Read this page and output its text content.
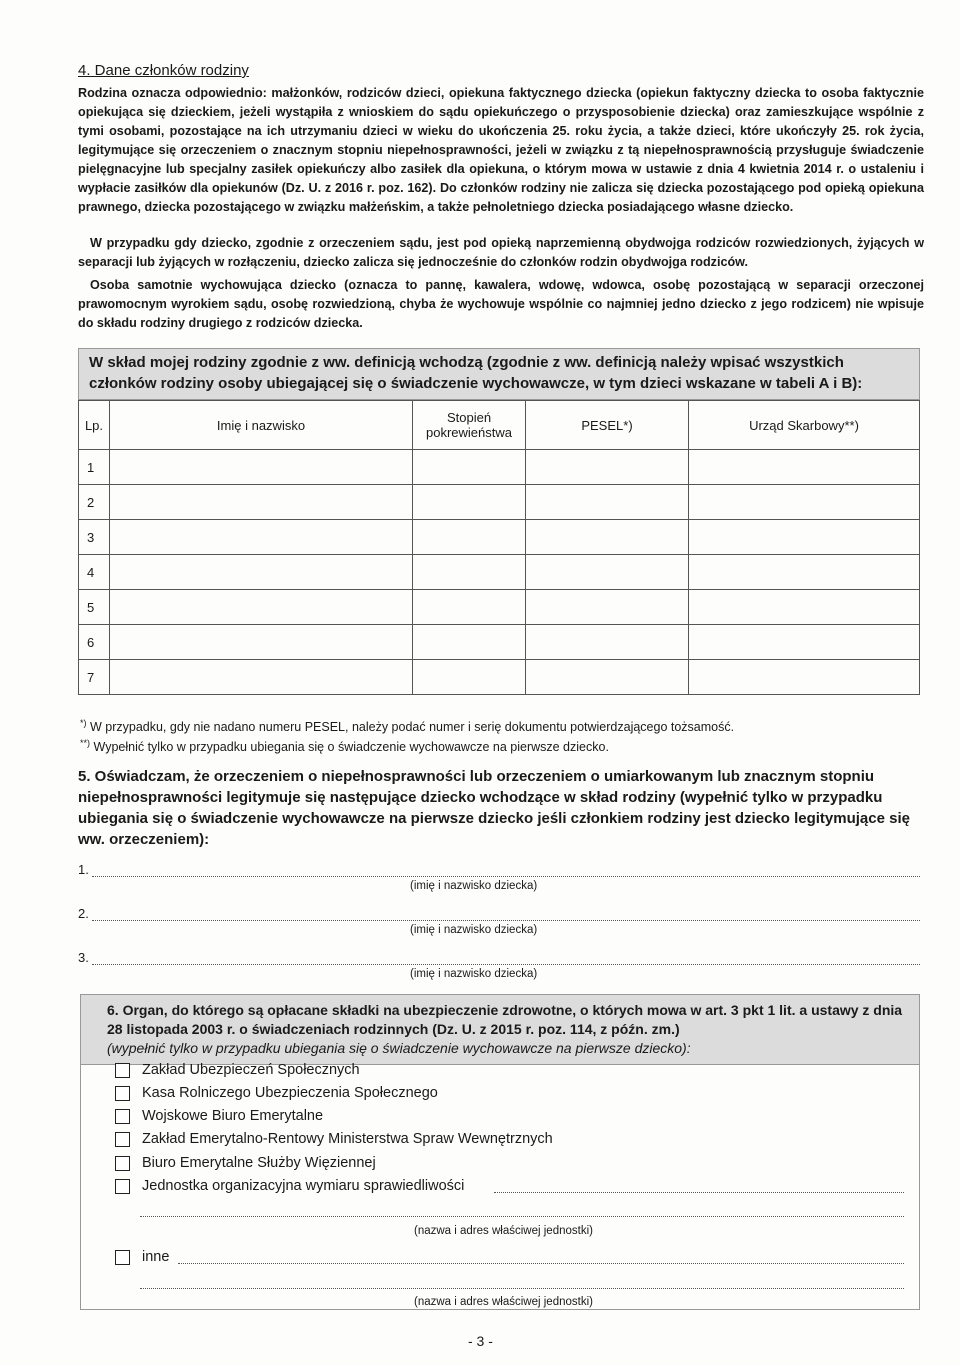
4. Dane członków rodziny
Rodzina oznacza odpowiednio: małżonków, rodziców dzieci, opiekuna faktycznego dziecka (opiekun faktyczny dziecka to osoba faktycznie opiekująca się dzieckiem, jeżeli wystąpiła z wnioskiem do sądu opiekuńczego o przysposobienie dziecka) oraz zamieszkujące wspólnie z tymi osobami, pozostające na ich utrzymaniu dzieci w wieku do ukończenia 25. roku życia, a także dzieci, które ukończyły 25. rok życia, legitymujące się orzeczeniem o znacznym stopniu niepełnosprawności, jeżeli w związku z tą niepełnosprawnością przysługuje świadczenie pielęgnacyjne lub specjalny zasiłek opiekuńczy albo zasiłek dla opiekuna, o którym mowa w ustawie z dnia 4 kwietnia 2014 r. o ustaleniu i wypłacie zasiłków dla opiekunów (Dz. U. z 2016 r. poz. 162). Do członków rodziny nie zalicza się dziecka pozostającego pod opieką opiekuna prawnego, dziecka pozostającego w związku małżeńskim, a także pełnoletniego dziecka posiadającego własne dziecko.
W przypadku gdy dziecko, zgodnie z orzeczeniem sądu, jest pod opieką naprzemienną obydwojga rodziców rozwiedzionych, żyjących w separacji lub żyjących w rozłączeniu, dziecko zalicza się jednocześnie do członków rodzin obydwojga rodziców.
Osoba samotnie wychowująca dziecko (oznacza to pannę, kawalera, wdowę, wdowca, osobę pozostającą w separacji orzeczonej prawomocnym wyrokiem sądu, osobę rozwiedzioną, chyba że wychowuje wspólnie co najmniej jedno dziecko z jego rodzicem) nie wpisuje do składu rodziny drugiego z rodziców dziecka.
W skład mojej rodziny zgodnie z ww. definicją wchodzą (zgodnie z ww. definicją należy wpisać wszystkich członków rodziny osoby ubiegającej się o świadczenie wychowawcze, w tym dzieci wskazane w tabeli A i B):
Lp.	Imię i nazwisko	Stopień pokrewieństwa	PESEL*)	Urząd Skarbowy**)
1				
2				
3				
4				
5				
6				
7				
*) W przypadku, gdy nie nadano numeru PESEL, należy podać numer i serię dokumentu potwierdzającego tożsamość.
**) Wypełnić tylko w przypadku ubiegania się o świadczenie wychowawcze na pierwsze dziecko.
5. Oświadczam, że orzeczeniem o niepełnosprawności lub orzeczeniem o umiarkowanym lub znacznym stopniu niepełnosprawności legitymuje się następujące dziecko wchodzące w skład rodziny (wypełnić tylko w przypadku ubiegania się o świadczenie wychowawcze na pierwsze dziecko jeśli członkiem rodziny jest dziecko legitymujące się ww. orzeczeniem):
1.
(imię i nazwisko dziecka)
2.
(imię i nazwisko dziecka)
3.
(imię i nazwisko dziecka)
6. Organ, do którego są opłacane składki na ubezpieczenie zdrowotne, o których mowa w art. 3 pkt 1 lit. a ustawy z dnia 28 listopada 2003 r. o świadczeniach rodzinnych (Dz. U. z 2015 r. poz. 114, z późn. zm.)
(wypełnić tylko w przypadku ubiegania się o świadczenie wychowawcze na pierwsze dziecko):
Zakład Ubezpieczeń Społecznych
Kasa Rolniczego Ubezpieczenia Społecznego
Wojskowe Biuro Emerytalne
Zakład Emerytalno-Rentowy Ministerstwa Spraw Wewnętrznych
Biuro Emerytalne Służby Więziennej
Jednostka organizacyjna wymiaru sprawiedliwości
(nazwa i adres właściwej jednostki)
inne
(nazwa i adres właściwej jednostki)
- 3 -
